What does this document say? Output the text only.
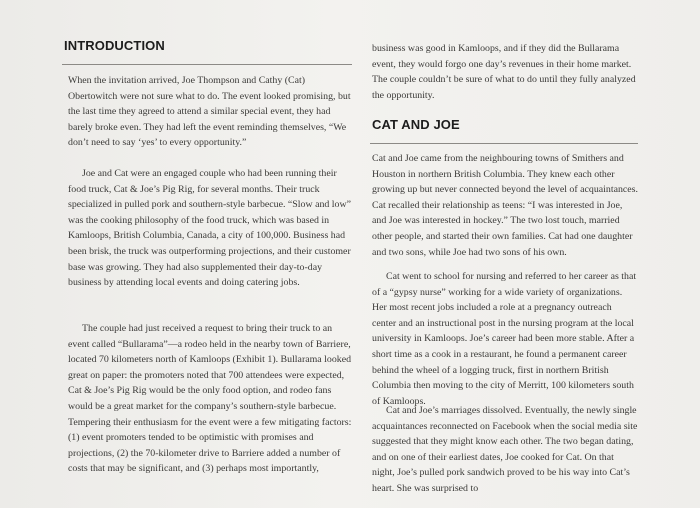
INTRODUCTION

When the invitation arrived, Joe Thompson and Cathy (Cat) Obertowitch were not sure what to do. The event looked promising, but the last time they agreed to attend a similar special event, they had barely broke even. They had left the event reminding themselves, “We don’t need to say ‘yes’ to every opportunity.”

Joe and Cat were an engaged couple who had been running their food truck, Cat & Joe’s Pig Rig, for several months. Their truck specialized in pulled pork and southern-style barbecue. “Slow and low” was the cooking philosophy of the food truck, which was based in Kamloops, British Columbia, Canada, a city of 100,000. Business had been brisk, the truck was outperforming projections, and their customer base was growing. They had also supplemented their day-to-day business by attending local events and doing catering jobs.

The couple had just received a request to bring their truck to an event called “Bullarama”—a rodeo held in the nearby town of Barriere, located 70 kilometers north of Kamloops (Exhibit 1). Bullarama looked great on paper: the promoters noted that 700 attendees were expected, Cat & Joe’s Pig Rig would be the only food option, and rodeo fans would be a great market for the company’s southern-style barbecue. Tempering their enthusiasm for the event were a few mitigating factors: (1) event promoters tended to be optimistic with promises and projections, (2) the 70-kilometer drive to Barriere added a number of costs that may be significant, and (3) perhaps most importantly,

business was good in Kamloops, and if they did the Bullarama event, they would forgo one day’s revenues in their home market. The couple couldn’t be sure of what to do until they fully analyzed the opportunity.

CAT AND JOE

Cat and Joe came from the neighbouring towns of Smithers and Houston in northern British Columbia. They knew each other growing up but never connected beyond the level of acquaintances. Cat recalled their relationship as teens: “I was interested in Joe, and Joe was interested in hockey.” The two lost touch, married other people, and started their own families. Cat had one daughter and two sons, while Joe had two sons of his own.

Cat went to school for nursing and referred to her career as that of a “gypsy nurse” working for a wide variety of organizations. Her most recent jobs included a role at a pregnancy outreach center and an instructional post in the nursing program at the local university in Kamloops. Joe’s career had been more stable. After a short time as a cook in a restaurant, he found a permanent career behind the wheel of a logging truck, first in northern British Columbia then moving to the city of Merritt, 100 kilometers south of Kamloops.

Cat and Joe’s marriages dissolved. Eventually, the newly single acquaintances reconnected on Facebook when the social media site suggested that they might know each other. The two began dating, and on one of their earliest dates, Joe cooked for Cat. On that night, Joe’s pulled pork sandwich proved to be his way into Cat’s heart. She was surprised to
